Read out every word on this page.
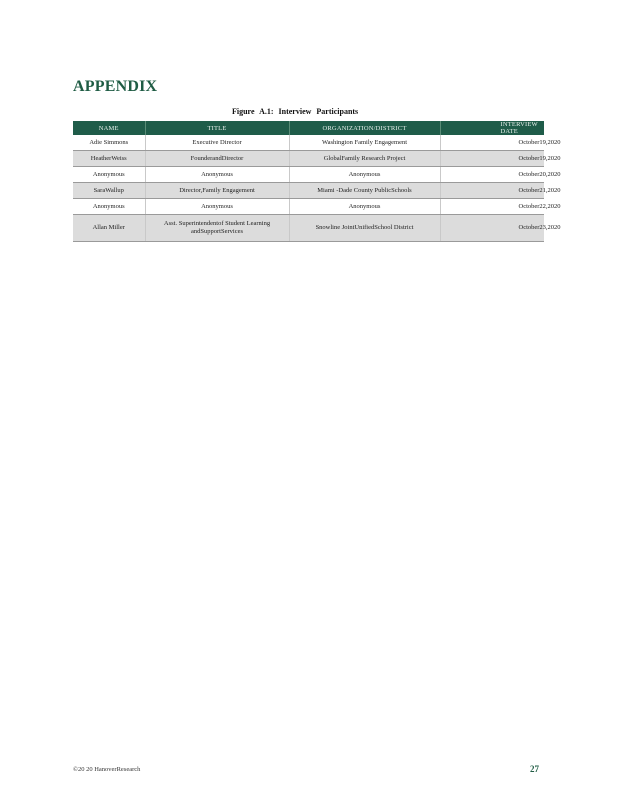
APPENDIX
Figure A.1: Interview Participants
NAME	TITLE	ORGANIZATION/DISTRICT	INTERVIEW DATE
Adie Simmons	Executive Director	Washington Family Engagement	October19,2020
HeatherWeiss	FounderandDirector	GlobalFamily Research Project	October19,2020
Anonymous	Anonymous	Anonymous	October20,2020
SaraWallup	Director,Family Engagement	Miami -Dade County PublicSchools	October21,2020
Anonymous	Anonymous	Anonymous	October22,2020
Allan Miller	Asst. Superintendentof Student Learning andSupportServices	Snowline JointUnifiedSchool District	October23,2020
©20 20 HanoverResearch	27
